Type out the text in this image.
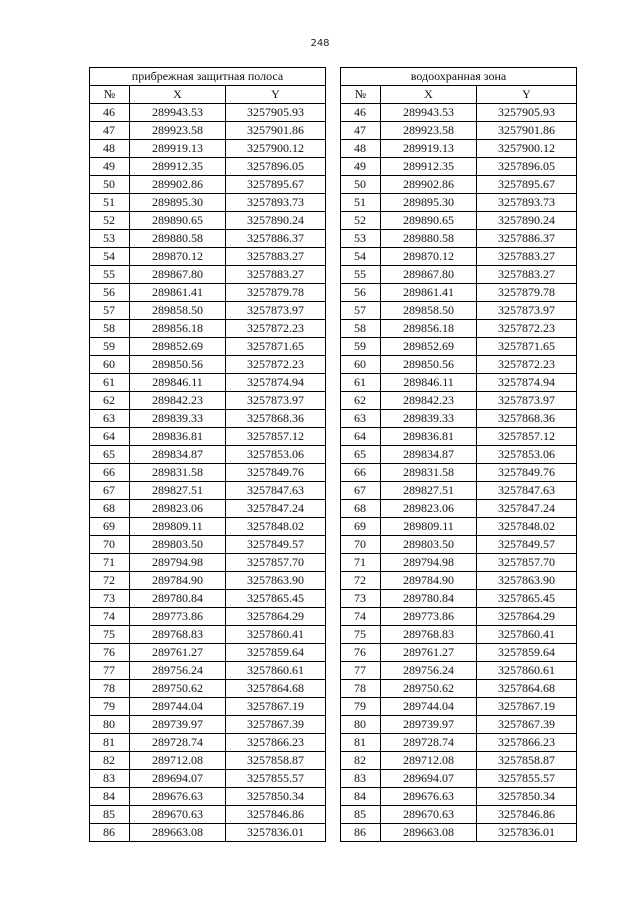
248
прибрежная защитная полоса				водоохранная зона		
№	X	Y		№	X	Y
46	289943.53	3257905.93		46	289943.53	3257905.93
47	289923.58	3257901.86		47	289923.58	3257901.86
48	289919.13	3257900.12		48	289919.13	3257900.12
49	289912.35	3257896.05		49	289912.35	3257896.05
50	289902.86	3257895.67		50	289902.86	3257895.67
51	289895.30	3257893.73		51	289895.30	3257893.73
52	289890.65	3257890.24		52	289890.65	3257890.24
53	289880.58	3257886.37		53	289880.58	3257886.37
54	289870.12	3257883.27		54	289870.12	3257883.27
55	289867.80	3257883.27		55	289867.80	3257883.27
56	289861.41	3257879.78		56	289861.41	3257879.78
57	289858.50	3257873.97		57	289858.50	3257873.97
58	289856.18	3257872.23		58	289856.18	3257872.23
59	289852.69	3257871.65		59	289852.69	3257871.65
60	289850.56	3257872.23		60	289850.56	3257872.23
61	289846.11	3257874.94		61	289846.11	3257874.94
62	289842.23	3257873.97		62	289842.23	3257873.97
63	289839.33	3257868.36		63	289839.33	3257868.36
64	289836.81	3257857.12		64	289836.81	3257857.12
65	289834.87	3257853.06		65	289834.87	3257853.06
66	289831.58	3257849.76		66	289831.58	3257849.76
67	289827.51	3257847.63		67	289827.51	3257847.63
68	289823.06	3257847.24		68	289823.06	3257847.24
69	289809.11	3257848.02		69	289809.11	3257848.02
70	289803.50	3257849.57		70	289803.50	3257849.57
71	289794.98	3257857.70		71	289794.98	3257857.70
72	289784.90	3257863.90		72	289784.90	3257863.90
73	289780.84	3257865.45		73	289780.84	3257865.45
74	289773.86	3257864.29		74	289773.86	3257864.29
75	289768.83	3257860.41		75	289768.83	3257860.41
76	289761.27	3257859.64		76	289761.27	3257859.64
77	289756.24	3257860.61		77	289756.24	3257860.61
78	289750.62	3257864.68		78	289750.62	3257864.68
79	289744.04	3257867.19		79	289744.04	3257867.19
80	289739.97	3257867.39		80	289739.97	3257867.39
81	289728.74	3257866.23		81	289728.74	3257866.23
82	289712.08	3257858.87		82	289712.08	3257858.87
83	289694.07	3257855.57		83	289694.07	3257855.57
84	289676.63	3257850.34		84	289676.63	3257850.34
85	289670.63	3257846.86		85	289670.63	3257846.86
86	289663.08	3257836.01		86	289663.08	3257836.01
